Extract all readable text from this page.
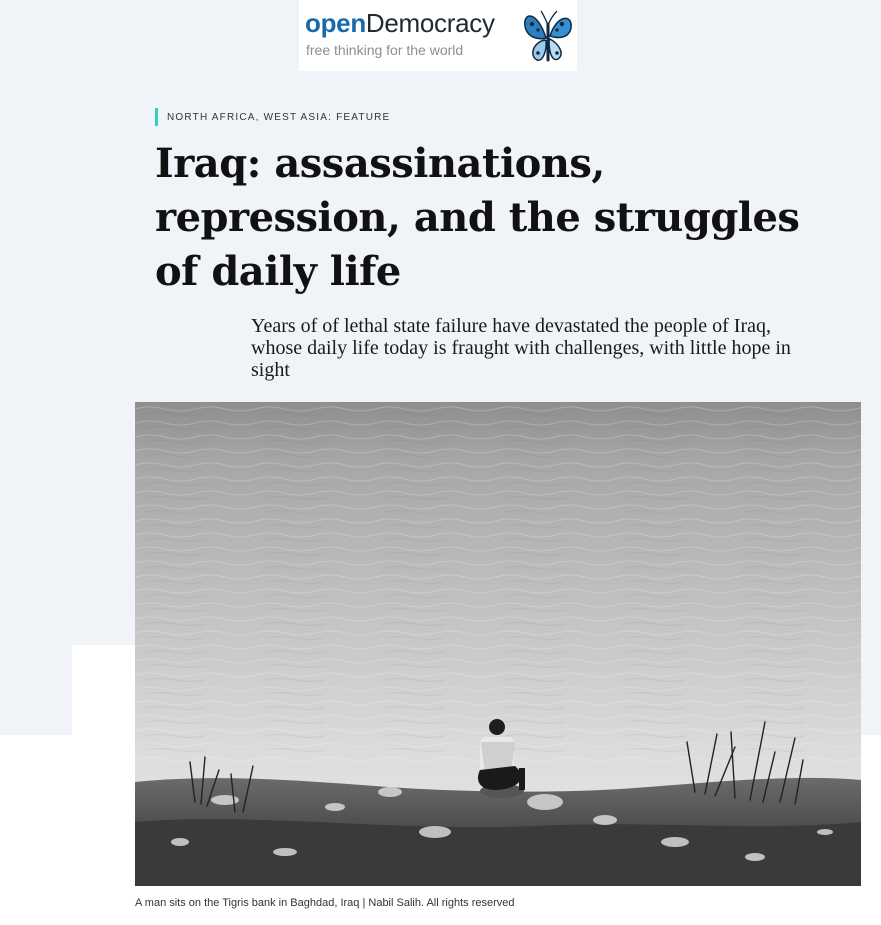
openDemocracy
free thinking for the world
NORTH AFRICA, WEST ASIA: FEATURE
Iraq: assassinations, repression, and the struggles of daily life

Years of of lethal state failure have devastated the people of Iraq, whose daily life today is fraught with challenges, with little hope in sight

A man sits on the Tigris bank in Baghdad, Iraq | Nabil Salih. All rights reserved
